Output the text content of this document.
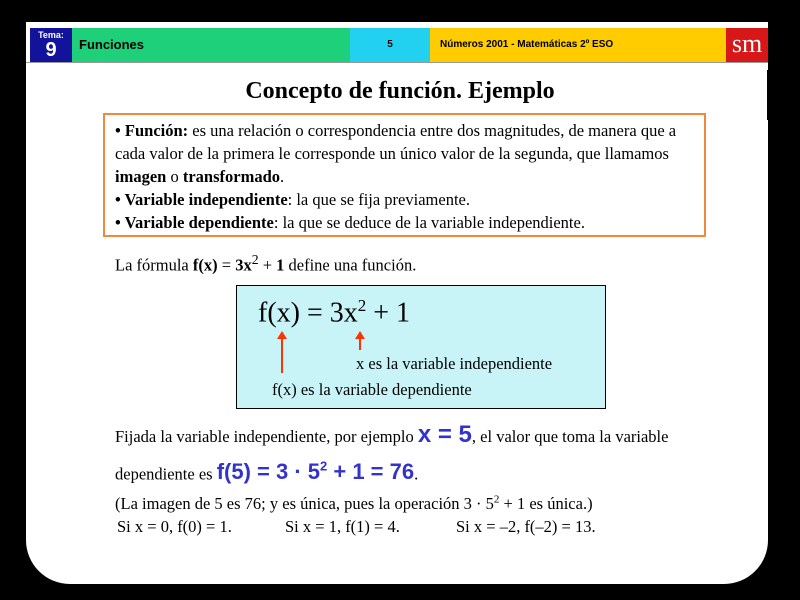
Tema:
9	Funciones	5	Números 2001 - Matemáticas 2º ESO	sm
Concepto de función. Ejemplo
• Función: es una relación o correspondencia entre dos magnitudes, de manera que a cada valor de la primera le corresponde un único valor de la segunda, que llamamos imagen o transformado.
• Variable independiente: la que se fija previamente.
• Variable dependiente: la que se deduce de la variable independiente.
La fórmula $f(x) = 3x^2 + 1$ define una función.
$f(x) = 3x^2 + 1$
x es la variable independiente
f(x) es la variable dependiente
Fijada la variable independiente, por ejemplo x = 5, el valor que toma la variable dependiente es $f(5) = 3 \cdot 5^2 + 1 = 76$.
(La imagen de 5 es 76; y es única, pues la operación $3 \cdot 5^2 + 1$ es única.)
Si x = 0, f(0) = 1.	Si x = 1, f(1) = 4.	Si x = –2, f(–2) = 13.
